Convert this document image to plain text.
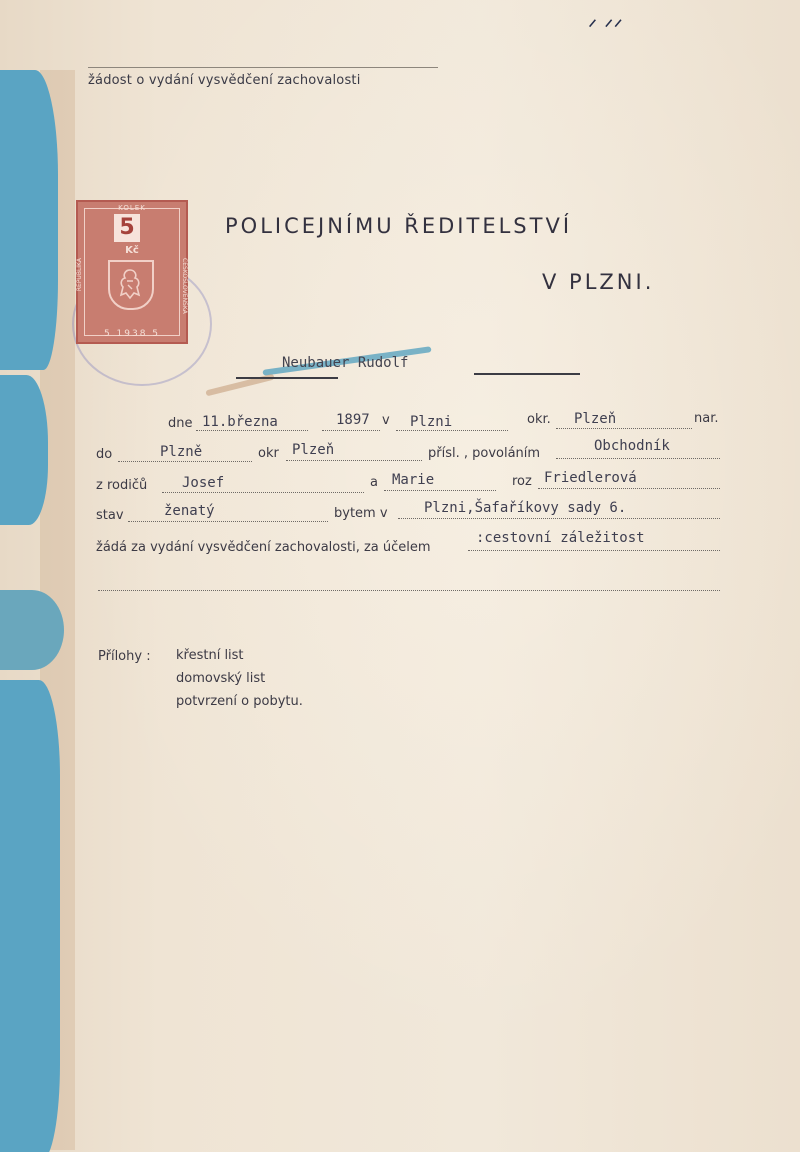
ᐟ ᐟᐟ
žádost o vydání vysvědčení zachovalosti
KOLEK
5
Kč
REPUBLIKA	ČESKOSLOVENSKÁ
5 1938 5
POLICEJNÍMU ŘEDITELSTVÍ
V PLZNI.
Neubauer Rudolf
dne 11.března	1897 v Plzni	okr. Plzeň	nar.
do	Plzně	okr Plzeň	přísl. , povoláním	Obchodník
z rodičů Josef	a Marie	roz Friedlerová
stav	ženatý	bytem v	Plzni,Šafaříkovy sady 6.
žádá za vydání vysvědčení zachovalosti, za účelem
:cestovní záležitost
Přílohy : křestní list
domovský list
potvrzení o pobytu.
